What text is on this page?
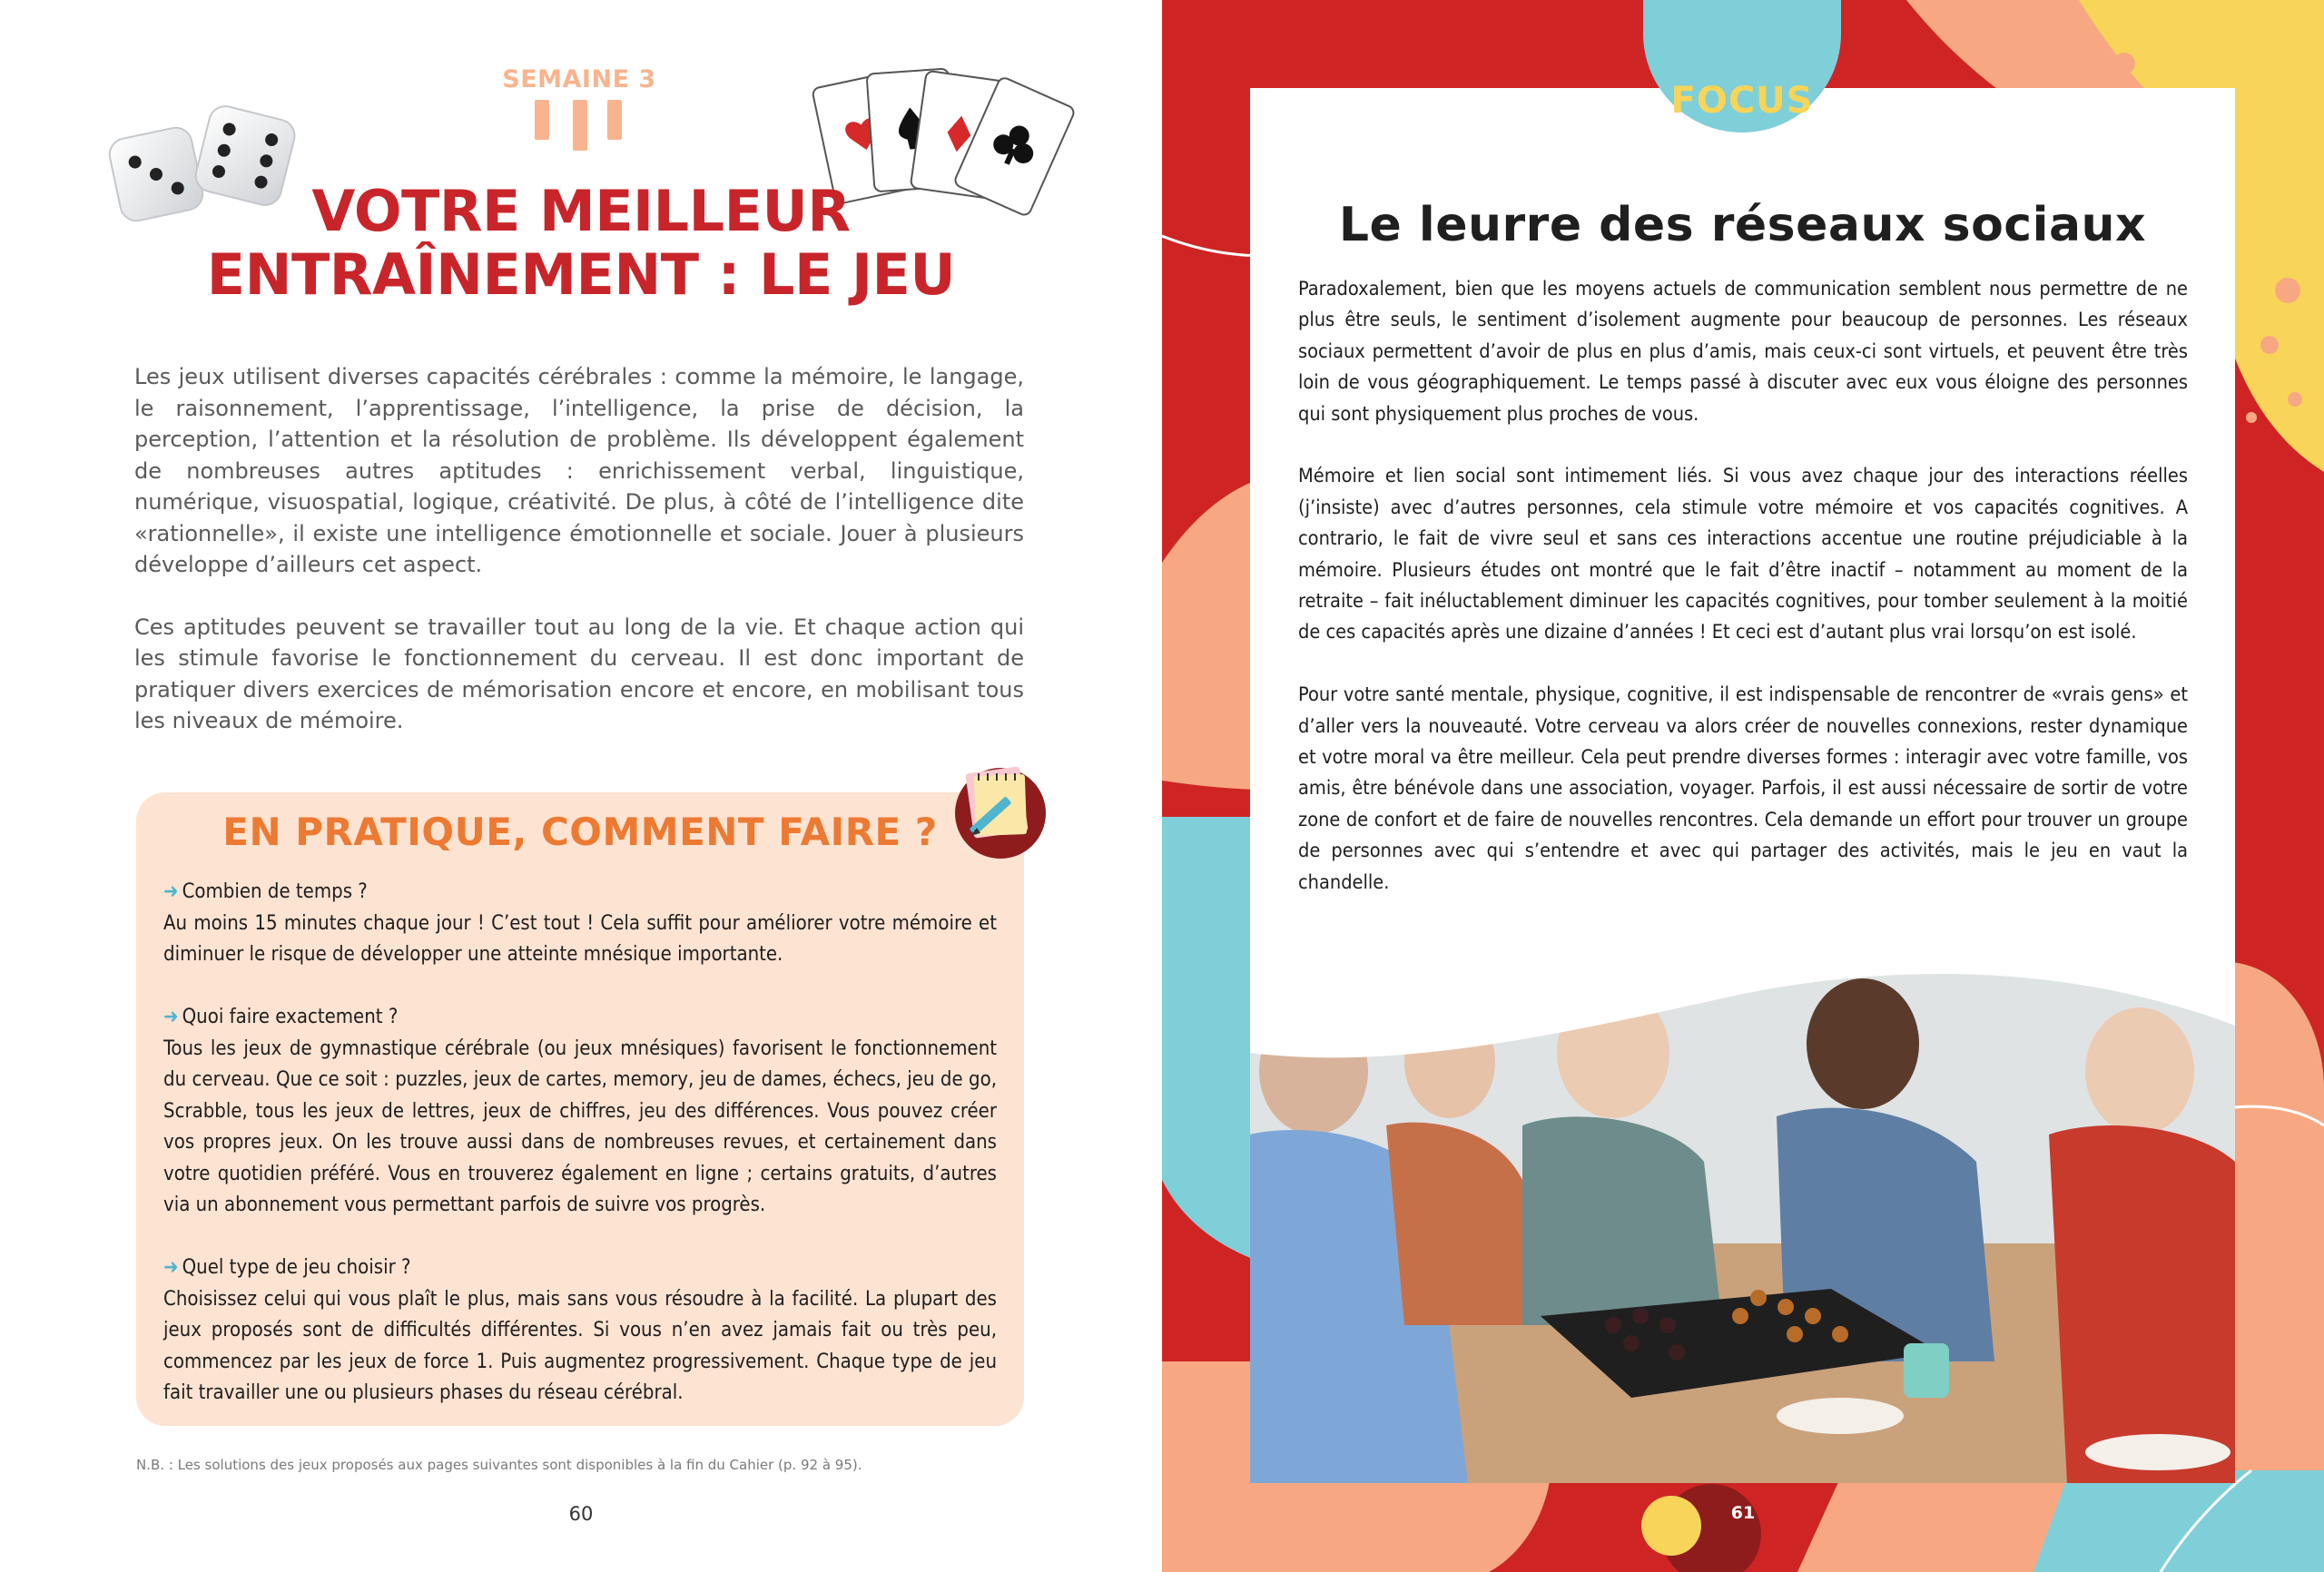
SEMAINE 3
VOTRE MEILLEUR
ENTRAÎNEMENT : LE JEU

Les jeux utilisent diverses capacités cérébrales : comme la mémoire, le langage, le raisonnement, l’apprentissage, l’intelligence, la prise de décision, la perception, l’attention et la résolution de problème. Ils développent également de nombreuses autres aptitudes : enrichissement verbal, linguistique, numérique, visuospatial, logique, créativité. De plus, à côté de l’intelligence dite «rationnelle», il existe une intelligence émotionnelle et sociale. Jouer à plusieurs développe d’ailleurs cet aspect.

Ces aptitudes peuvent se travailler tout au long de la vie. Et chaque action qui les stimule favorise le fonctionnement du cerveau. Il est donc important de pratiquer divers exercices de mémorisation encore et encore, en mobilisant tous les niveaux de mémoire.

EN PRATIQUE, COMMENT FAIRE ?
➜ Combien de temps ?
Au moins 15 minutes chaque jour ! C’est tout ! Cela suffit pour améliorer votre mémoire et diminuer le risque de développer une atteinte mnésique importante.
➜ Quoi faire exactement ?
Tous les jeux de gymnastique cérébrale (ou jeux mnésiques) favorisent le fonctionnement du cerveau. Que ce soit : puzzles, jeux de cartes, memory, jeu de dames, échecs, jeu de go, Scrabble, tous les jeux de lettres, jeux de chiffres, jeu des différences. Vous pouvez créer vos propres jeux. On les trouve aussi dans de nombreuses revues, et certainement dans votre quotidien préféré. Vous en trouverez également en ligne ; certains gratuits, d’autres via un abonnement vous permettant parfois de suivre vos progrès.
➜ Quel type de jeu choisir ?
Choisissez celui qui vous plaît le plus, mais sans vous résoudre à la facilité. La plupart des jeux proposés sont de difficultés différentes. Si vous n’en avez jamais fait ou très peu, commencez par les jeux de force 1. Puis augmentez progressivement. Chaque type de jeu fait travailler une ou plusieurs phases du réseau cérébral.
N.B. : Les solutions des jeux proposés aux pages suivantes sont disponibles à la fin du Cahier (p. 92 à 95).
60
FOCUS
Le leurre des réseaux sociaux

Paradoxalement, bien que les moyens actuels de communication semblent nous permettre de ne plus être seuls, le sentiment d’isolement augmente pour beaucoup de personnes. Les réseaux sociaux permettent d’avoir de plus en plus d’amis, mais ceux-ci sont virtuels, et peuvent être très loin de vous géographiquement. Le temps passé à discuter avec eux vous éloigne des personnes qui sont physiquement plus proches de vous.

Mémoire et lien social sont intimement liés. Si vous avez chaque jour des interactions réelles (j’insiste) avec d’autres personnes, cela stimule votre mémoire et vos capacités cognitives. A contrario, le fait de vivre seul et sans ces interactions accentue une routine préjudiciable à la mémoire. Plusieurs études ont montré que le fait d’être inactif – notamment au moment de la retraite – fait inéluctablement diminuer les capacités cognitives, pour tomber seulement à la moitié de ces capacités après une dizaine d’années ! Et ceci est d’autant plus vrai lorsqu’on est isolé.

Pour votre santé mentale, physique, cognitive, il est indispensable de rencontrer de «vrais gens» et d’aller vers la nouveauté. Votre cerveau va alors créer de nouvelles connexions, rester dynamique et votre moral va être meilleur. Cela peut prendre diverses formes : interagir avec votre famille, vos amis, être bénévole dans une association, voyager. Parfois, il est aussi nécessaire de sortir de votre zone de confort et de faire de nouvelles rencontres. Cela demande un effort pour trouver un groupe de personnes avec qui s’entendre et avec qui partager des activités, mais le jeu en vaut la chandelle.

61
